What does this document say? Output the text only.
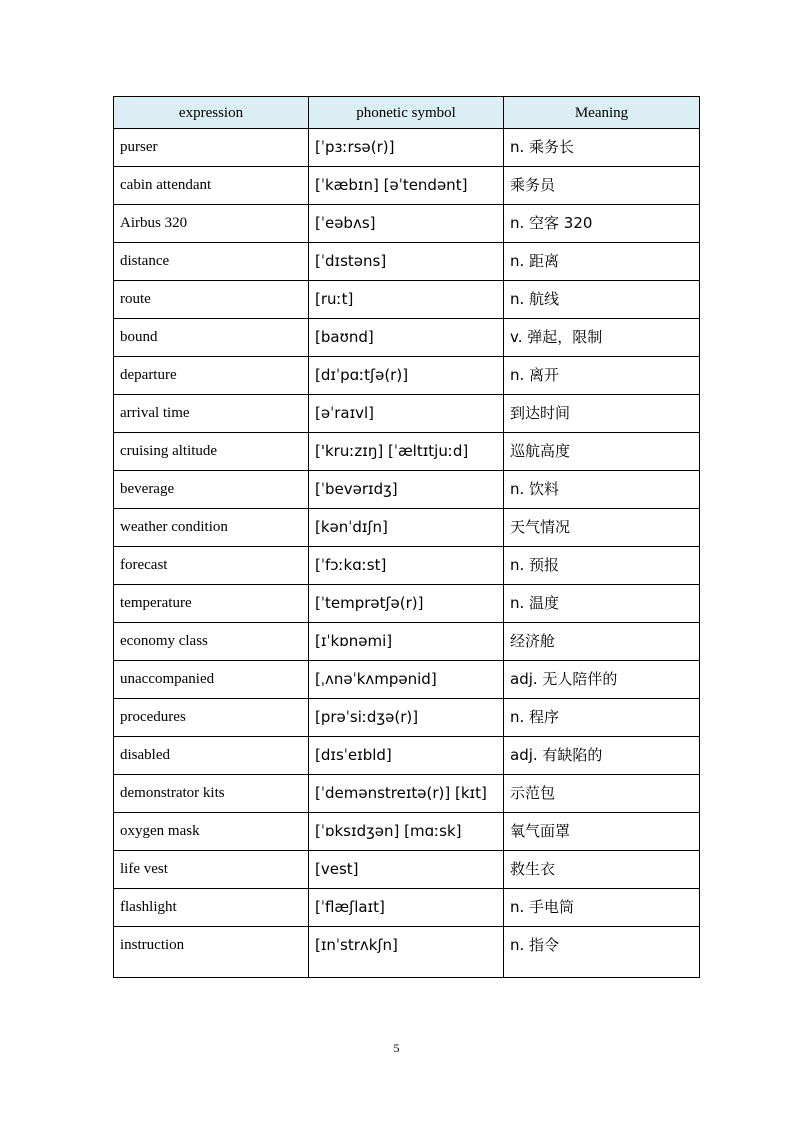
expression	phonetic symbol	Meaning
purser	[ˈpɜːrsə(r)]	n. 乘务长
cabin attendant	[ˈkæbɪn] [əˈtendənt]	乘务员
Airbus 320	[ˈeəbʌs]	n. 空客 320
distance	[ˈdɪstəns]	n. 距离
route	[ruːt]	n. 航线
bound	[baʊnd]	v. 弹起，限制
departure	[dɪˈpɑːtʃə(r)]	n. 离开
arrival time	[əˈraɪvl]	到达时间
cruising altitude	['kruːzɪŋ] [ˈæltɪtjuːd]	巡航高度
beverage	[ˈbevərɪdʒ]	n. 饮料
weather condition	[kənˈdɪʃn]	天气情况
forecast	[ˈfɔːkɑːst]	n. 预报
temperature	[ˈtemprətʃə(r)]	n. 温度
economy class	[ɪˈkɒnəmi]	经济舱
unaccompanied	[ˌʌnəˈkʌmpənid]	adj. 无人陪伴的
procedures	[prəˈsiːdʒə(r)]	n. 程序
disabled	[dɪsˈeɪbld]	adj. 有缺陷的
demonstrator kits	[ˈdemənstreɪtə(r)] [kɪt]	示范包
oxygen mask	[ˈɒksɪdʒən] [mɑːsk]	氧气面罩
life vest	[vest]	救生衣
flashlight	[ˈflæʃlaɪt]	n. 手电筒
instruction	[ɪnˈstrʌkʃn]	n. 指令
5
